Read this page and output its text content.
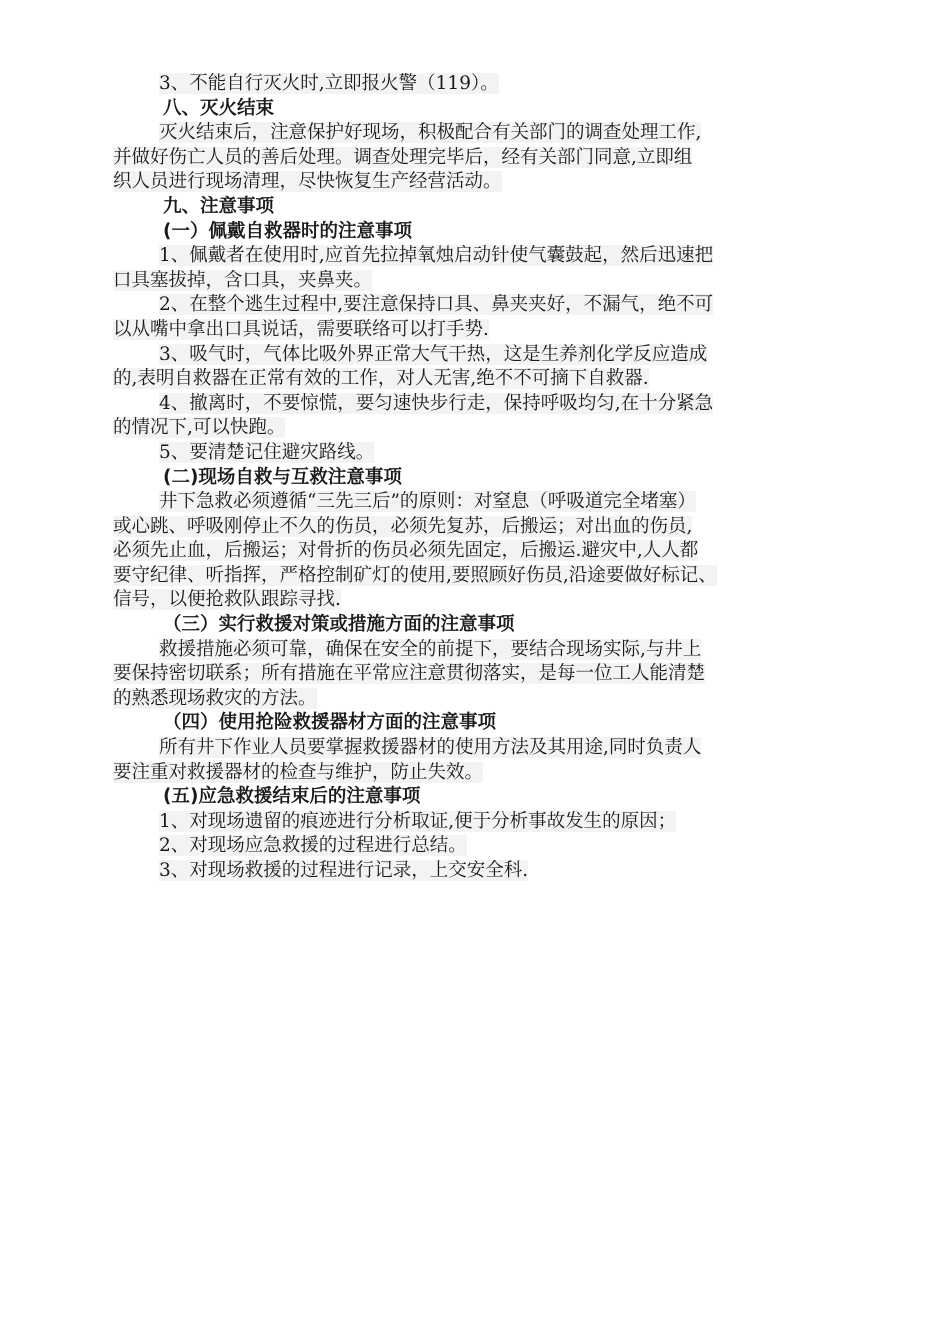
3、不能自行灭火时,立即报火警（119）。
八、灭火结束
灭火结束后，注意保护好现场，积极配合有关部门的调查处理工作,
并做好伤亡人员的善后处理。调查处理完毕后，经有关部门同意,立即组
织人员进行现场清理，尽快恢复生产经营活动。
九、注意事项
(一）佩戴自救器时的注意事项
1、佩戴者在使用时,应首先拉掉氧烛启动针使气囊鼓起，然后迅速把
口具塞拔掉，含口具，夹鼻夹。
2、在整个逃生过程中,要注意保持口具、鼻夹夹好，不漏气，绝不可
以从嘴中拿出口具说话，需要联络可以打手势.
3、吸气时，气体比吸外界正常大气干热，这是生养剂化学反应造成
的,表明自救器在正常有效的工作，对人无害,绝不不可摘下自救器.
4、撤离时，不要惊慌，要匀速快步行走，保持呼吸均匀,在十分紧急
的情况下,可以快跑。
5、要清楚记住避灾路线。
(二)现场自救与互救注意事项
井下急救必须遵循“三先三后”的原则：对窒息（呼吸道完全堵塞）
或心跳、呼吸刚停止不久的伤员，必须先复苏，后搬运；对出血的伤员,
必须先止血，后搬运；对骨折的伤员必须先固定，后搬运.避灾中,人人都
要守纪律、听指挥，严格控制矿灯的使用,要照顾好伤员,沿途要做好标记、
信号，以便抢救队跟踪寻找.
（三）实行救援对策或措施方面的注意事项
救援措施必须可靠，确保在安全的前提下，要结合现场实际,与井上
要保持密切联系；所有措施在平常应注意贯彻落实，是每一位工人能清楚
的熟悉现场救灾的方法。
（四）使用抢险救援器材方面的注意事项
所有井下作业人员要掌握救援器材的使用方法及其用途,同时负责人
要注重对救援器材的检查与维护，防止失效。
(五)应急救援结束后的注意事项
1、对现场遗留的痕迹进行分析取证,便于分析事故发生的原因；
2、对现场应急救援的过程进行总结。
3、对现场救援的过程进行记录，上交安全科.
